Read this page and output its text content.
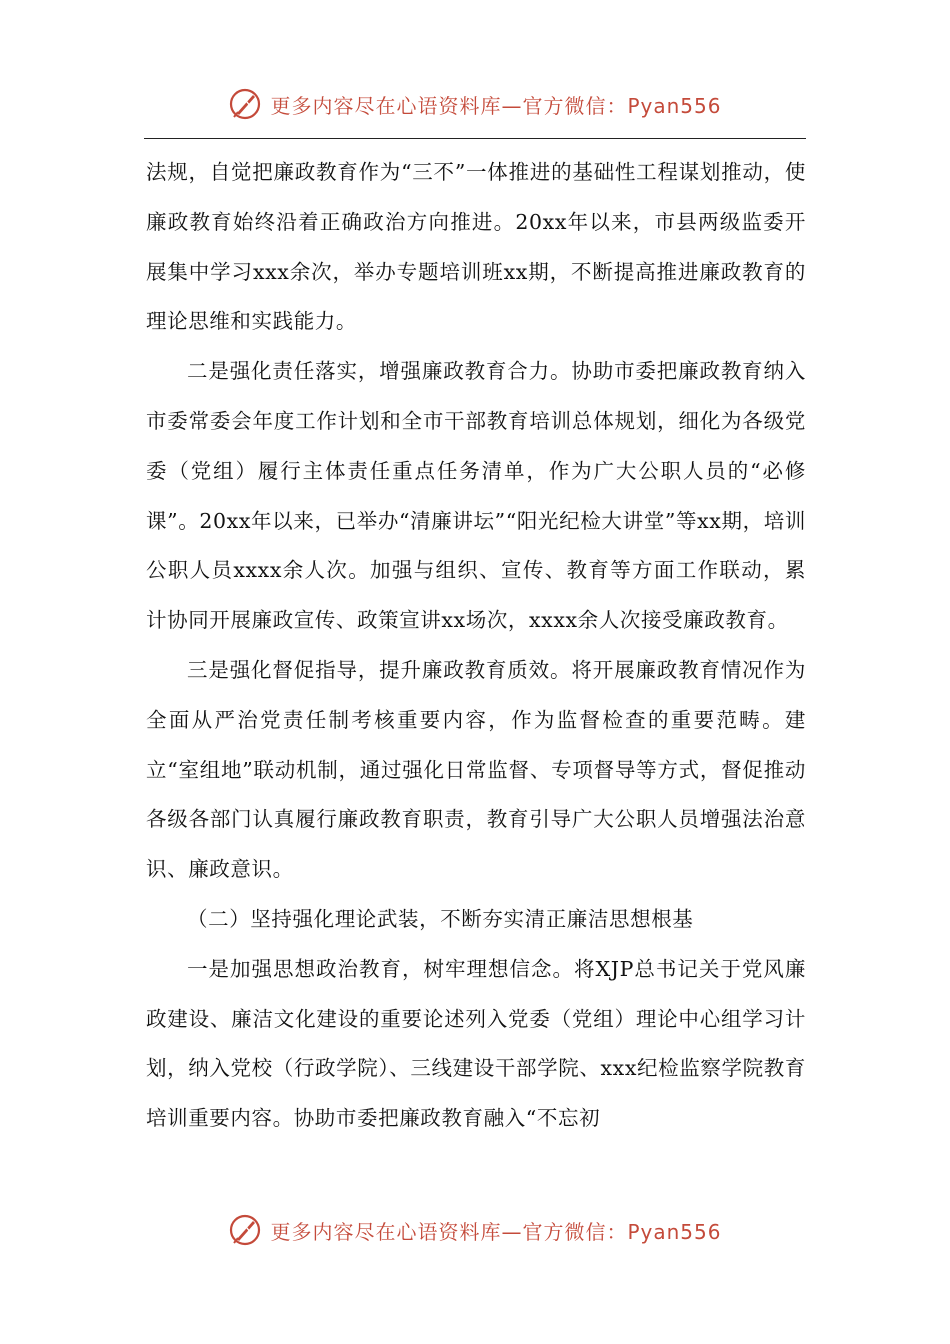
更多内容尽在心语资料库—官方微信：Pyan556

法规，自觉把廉政教育作为“三不”一体推进的基础性工程谋划推动，使廉政教育始终沿着正确政治方向推进。20xx年以来，市县两级监委开展集中学习xxx余次，举办专题培训班xx期，不断提高推进廉政教育的理论思维和实践能力。

二是强化责任落实，增强廉政教育合力。协助市委把廉政教育纳入市委常委会年度工作计划和全市干部教育培训总体规划，细化为各级党委（党组）履行主体责任重点任务清单，作为广大公职人员的“必修课”。20xx年以来，已举办“清廉讲坛”“阳光纪检大讲堂”等xx期，培训公职人员xxxx余人次。加强与组织、宣传、教育等方面工作联动，累计协同开展廉政宣传、政策宣讲xx场次，xxxx余人次接受廉政教育。

三是强化督促指导，提升廉政教育质效。将开展廉政教育情况作为全面从严治党责任制考核重要内容，作为监督检查的重要范畴。建立“室组地”联动机制，通过强化日常监督、专项督导等方式，督促推动各级各部门认真履行廉政教育职责，教育引导广大公职人员增强法治意识、廉政意识。

（二）坚持强化理论武装，不断夯实清正廉洁思想根基

一是加强思想政治教育，树牢理想信念。将XJP总书记关于党风廉政建设、廉洁文化建设的重要论述列入党委（党组）理论中心组学习计划，纳入党校（行政学院）、三线建设干部学院、xxx纪检监察学院教育培训重要内容。协助市委把廉政教育融入“不忘初

更多内容尽在心语资料库—官方微信：Pyan556
